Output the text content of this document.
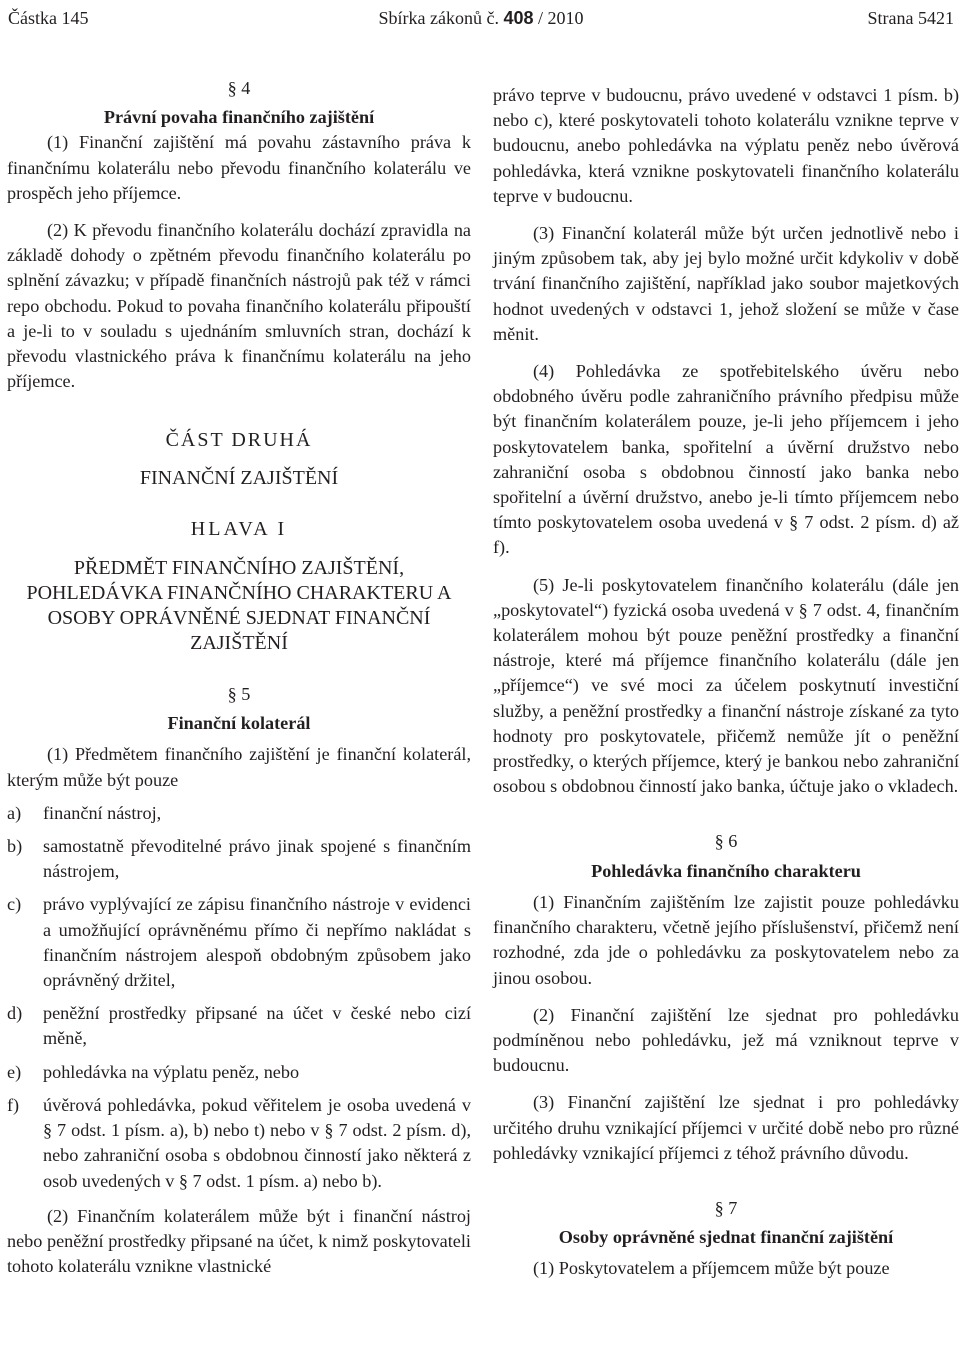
Částka 145	Sbírka zákonů č. 408 / 2010	Strana 5421

§ 4

Právní povaha finančního zajištění

(1) Finanční zajištění má povahu zástavního práva k finančnímu kolaterálu nebo převodu finančního kolaterálu ve prospěch jeho příjemce.

(2) K převodu finančního kolaterálu dochází zpravidla na základě dohody o zpětném převodu finančního kolaterálu po splnění závazku; v případě finančních nástrojů pak též v rámci repo obchodu. Pokud to povaha finančního kolaterálu připouští a je-li to v souladu s ujednáním smluvních stran, dochází k převodu vlastnického práva k finančnímu kolaterálu na jeho příjemce.

ČÁST DRUHÁ
FINANČNÍ ZAJIŠTĚNÍ
HLAVA I
PŘEDMĚT FINANČNÍHO ZAJIŠTĚNÍ, POHLEDÁVKA FINANČNÍHO CHARAKTERU A OSOBY OPRÁVNĚNÉ SJEDNAT FINANČNÍ ZAJIŠTĚNÍ

§ 5

Finanční kolaterál

(1) Předmětem finančního zajištění je finanční kolaterál, kterým může být pouze

a) finanční nástroj,
b) samostatně převoditelné právo jinak spojené s finančním nástrojem,
c) právo vyplývající ze zápisu finančního nástroje v evidenci a umožňující oprávněnému přímo či nepřímo nakládat s finančním nástrojem alespoň obdobným způsobem jako oprávněný držitel,
d) peněžní prostředky připsané na účet v české nebo cizí měně,
e) pohledávka na výplatu peněz, nebo
f) úvěrová pohledávka, pokud věřitelem je osoba uvedená v § 7 odst. 1 písm. a), b) nebo t) nebo v § 7 odst. 2 písm. d), nebo zahraniční osoba s obdobnou činností jako některá z osob uvedených v § 7 odst. 1 písm. a) nebo b).

(2) Finančním kolaterálem může být i finanční nástroj nebo peněžní prostředky připsané na účet, k nimž poskytovateli tohoto kolaterálu vznikne vlastnické

právo teprve v budoucnu, právo uvedené v odstavci 1 písm. b) nebo c), které poskytovateli tohoto kolaterálu vznikne teprve v budoucnu, anebo pohledávka na výplatu peněz nebo úvěrová pohledávka, která vznikne poskytovateli finančního kolaterálu teprve v budoucnu.

(3) Finanční kolaterál může být určen jednotlivě nebo i jiným způsobem tak, aby jej bylo možné určit kdykoliv v době trvání finančního zajištění, například jako soubor majetkových hodnot uvedených v odstavci 1, jehož složení se může v čase měnit.

(4) Pohledávka ze spotřebitelského úvěru nebo obdobného úvěru podle zahraničního právního předpisu může být finančním kolaterálem pouze, je-li jeho příjemcem i jeho poskytovatelem banka, spořitelní a úvěrní družstvo nebo zahraniční osoba s obdobnou činností jako banka nebo spořitelní a úvěrní družstvo, anebo je-li tímto příjemcem nebo tímto poskytovatelem osoba uvedená v § 7 odst. 2 písm. d) až f).

(5) Je-li poskytovatelem finančního kolaterálu (dále jen „poskytovatel“) fyzická osoba uvedená v § 7 odst. 4, finančním kolaterálem mohou být pouze peněžní prostředky a finanční nástroje, které má příjemce finančního kolaterálu (dále jen „příjemce“) ve své moci za účelem poskytnutí investiční služby, a peněžní prostředky a finanční nástroje získané za tyto hodnoty pro poskytovatele, přičemž nemůže jít o peněžní prostředky, o kterých příjemce, který je bankou nebo zahraniční osobou s obdobnou činností jako banka, účtuje jako o vkladech.

§ 6

Pohledávka finančního charakteru

(1) Finančním zajištěním lze zajistit pouze pohledávku finančního charakteru, včetně jejího příslušenství, přičemž není rozhodné, zda jde o pohledávku za poskytovatelem nebo za jinou osobou.

(2) Finanční zajištění lze sjednat pro pohledávku podmíněnou nebo pohledávku, jež má vzniknout teprve v budoucnu.

(3) Finanční zajištění lze sjednat i pro pohledávky určitého druhu vznikající příjemci v určité době nebo pro různé pohledávky vznikající příjemci z téhož právního důvodu.

§ 7

Osoby oprávněné sjednat finanční zajištění

(1) Poskytovatelem a příjemcem může být pouze
